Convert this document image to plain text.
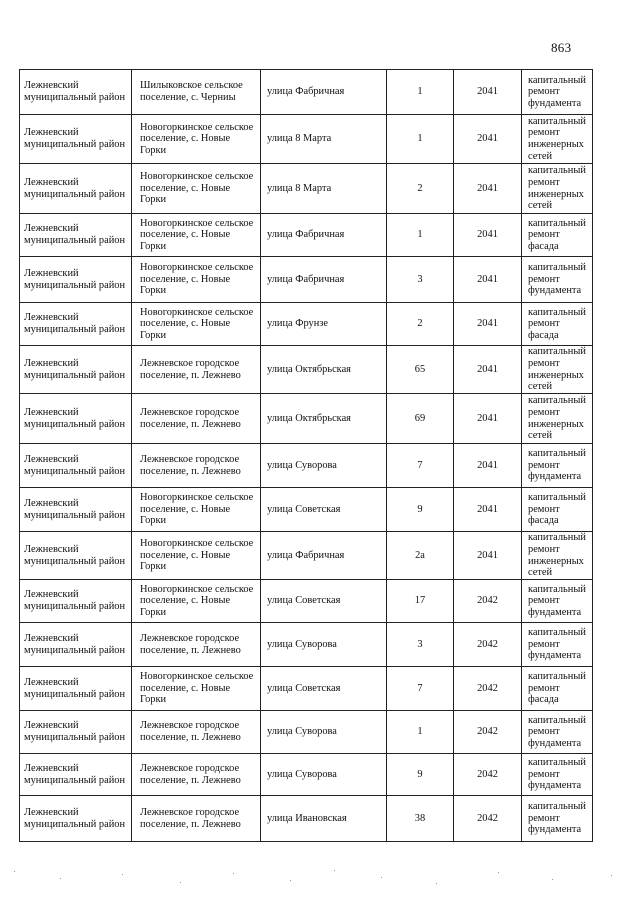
863
Лежневский муниципальный район	Шилыковское сельское поселение, с. Черниы	улица Фабричная	1	2041	капитальный ремонт фундамента
Лежневский муниципальный район	Новогоркинское сельское поселение, с. Новые Горки	улица 8 Марта	1	2041	капитальный ремонт инженерных сетей
Лежневский муниципальный район	Новогоркинское сельское поселение, с. Новые Горки	улица 8 Марта	2	2041	капитальный ремонт инженерных сетей
Лежневский муниципальный район	Новогоркинское сельское поселение, с. Новые Горки	улица Фабричная	1	2041	капитальный ремонт фасада
Лежневский муниципальный район	Новогоркинское сельское поселение, с. Новые Горки	улица Фабричная	3	2041	капитальный ремонт фундамента
Лежневский муниципальный район	Новогоркинское сельское поселение, с. Новые Горки	улица Фрунзе	2	2041	капитальный ремонт фасада
Лежневский муниципальный район	Лежневское городское поселение, п. Лежнево	улица Октябрьская	65	2041	капитальный ремонт инженерных сетей
Лежневский муниципальный район	Лежневское городское поселение, п. Лежнево	улица Октябрьская	69	2041	капитальный ремонт инженерных сетей
Лежневский муниципальный район	Лежневское городское поселение, п. Лежнево	улица Суворова	7	2041	капитальный ремонт фундамента
Лежневский муниципальный район	Новогоркинское сельское поселение, с. Новые Горки	улица Советская	9	2041	капитальный ремонт фасада
Лежневский муниципальный район	Новогоркинское сельское поселение, с. Новые Горки	улица Фабричная	2а	2041	капитальный ремонт инженерных сетей
Лежневский муниципальный район	Новогоркинское сельское поселение, с. Новые Горки	улица Советская	17	2042	капитальный ремонт фундамента
Лежневский муниципальный район	Лежневское городское поселение, п. Лежнево	улица Суворова	3	2042	капитальный ремонт фундамента
Лежневский муниципальный район	Новогоркинское сельское поселение, с. Новые Горки	улица Советская	7	2042	капитальный ремонт фасада
Лежневский муниципальный район	Лежневское городское поселение, п. Лежнево	улица Суворова	1	2042	капитальный ремонт фундамента
Лежневский муниципальный район	Лежневское городское поселение, п. Лежнево	улица Суворова	9	2042	капитальный ремонт фундамента
Лежневский муниципальный район	Лежневское городское поселение, п. Лежнево	улица Ивановская	38	2042	капитальный ремонт фундамента
